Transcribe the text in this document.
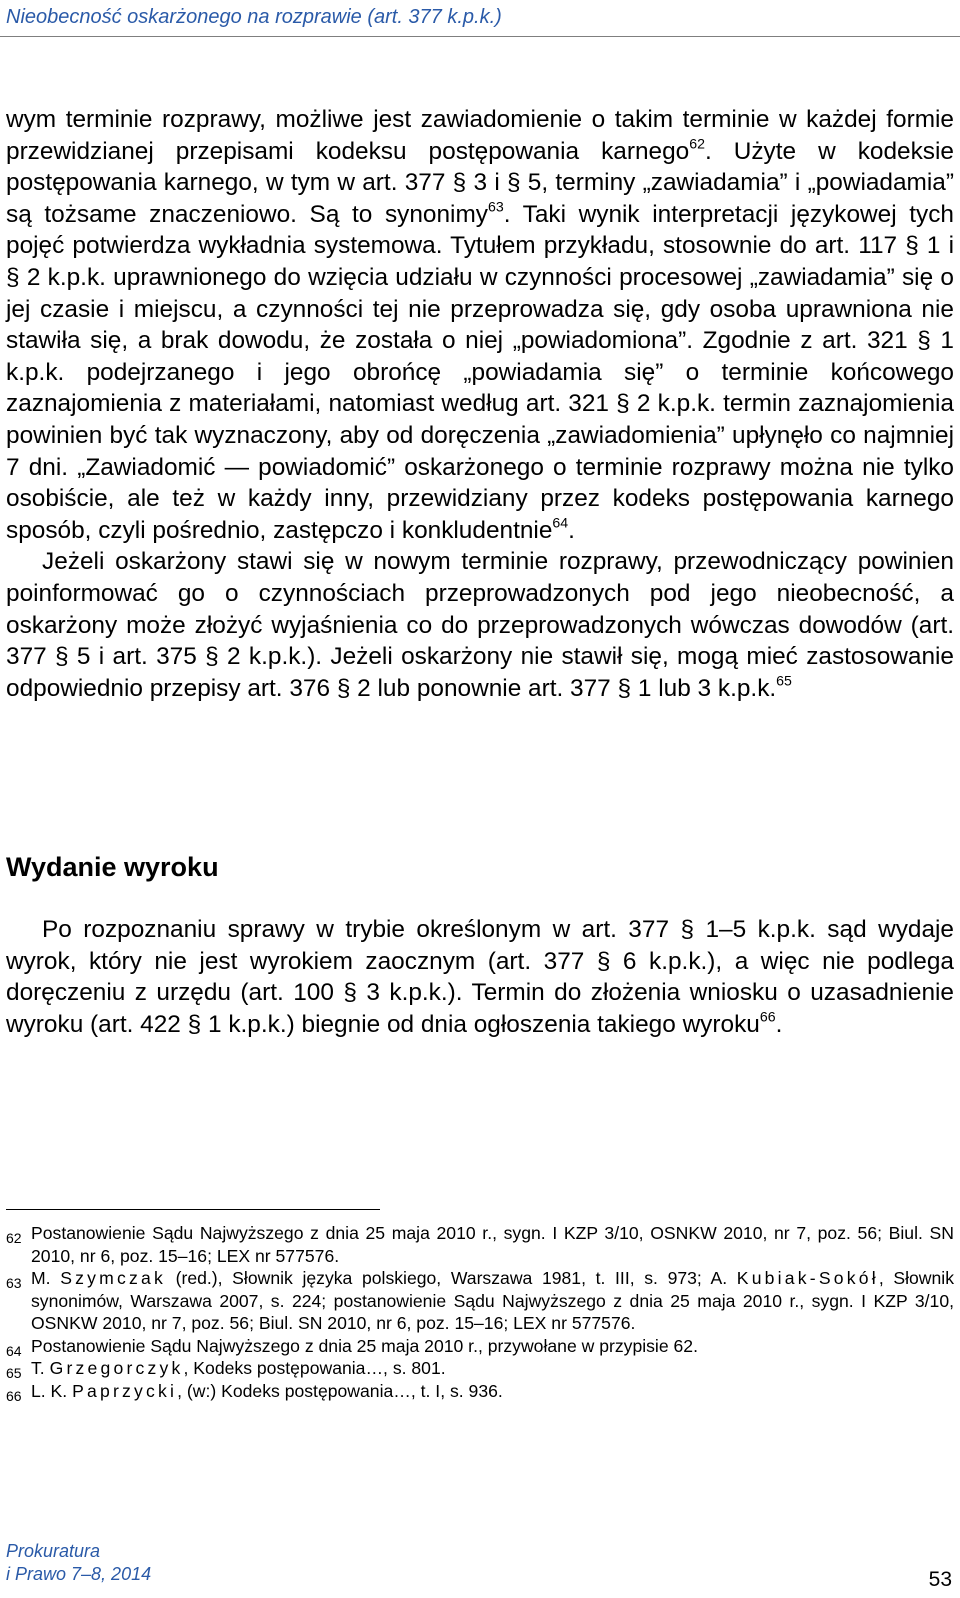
Nieobecność oskarżonego na rozprawie (art. 377 k.p.k.)

wym terminie rozprawy, możliwe jest zawiadomienie o takim terminie w każdej formie przewidzianej przepisami kodeksu postępowania karnego$^{62}$. Użyte w kodeksie postępowania karnego, w tym w art. 377 § 3 i § 5, terminy „zawiadamia” i „powiadamia” są tożsame znaczeniowo. Są to synonimy$^{63}$. Taki wynik interpretacji językowej tych pojęć potwierdza wykładnia systemowa. Tytułem przykładu, stosownie do art. 117 § 1 i § 2 k.p.k. uprawnionego do wzięcia udziału w czynności procesowej „zawiadamia” się o jej czasie i miejscu, a czynności tej nie przeprowadza się, gdy osoba uprawniona nie stawiła się, a brak dowodu, że została o niej „powiadomiona”. Zgodnie z art. 321 § 1 k.p.k. podejrzanego i jego obrońcę „powiadamia się” o terminie końcowego zaznajomienia z materiałami, natomiast według art. 321 § 2 k.p.k. termin zaznajomienia powinien być tak wyznaczony, aby od doręczenia „zawiadomienia” upłynęło co najmniej 7 dni. „Zawiadomić — powiadomić” oskarżonego o terminie rozprawy można nie tylko osobiście, ale też w każdy inny, przewidziany przez kodeks postępowania karnego sposób, czyli pośrednio, zastępczo i konkludentnie$^{64}$.

Jeżeli oskarżony stawi się w nowym terminie rozprawy, przewodniczący powinien poinformować go o czynnościach przeprowadzonych pod jego nieobecność, a oskarżony może złożyć wyjaśnienia co do przeprowadzonych wówczas dowodów (art. 377 § 5 i art. 375 § 2 k.p.k.). Jeżeli oskarżony nie stawił się, mogą mieć zastosowanie odpowiednio przepisy art. 376 § 2 lub ponownie art. 377 § 1 lub 3 k.p.k.$^{65}$

Wydanie wyroku

Po rozpoznaniu sprawy w trybie określonym w art. 377 § 1–5 k.p.k. sąd wydaje wyrok, który nie jest wyrokiem zaocznym (art. 377 § 6 k.p.k.), a więc nie podlega doręczeniu z urzędu (art. 100 § 3 k.p.k.). Termin do złożenia wniosku o uzasadnienie wyroku (art. 422 § 1 k.p.k.) biegnie od dnia ogłoszenia takiego wyroku$^{66}$.

62 Postanowienie Sądu Najwyższego z dnia 25 maja 2010 r., sygn. I KZP 3/10, OSNKW 2010, nr 7, poz. 56; Biul. SN 2010, nr 6, poz. 15–16; LEX nr 577576.
63 M. Szymczak (red.), Słownik języka polskiego, Warszawa 1981, t. III, s. 973; A. Kubiak-Sokół, Słownik synonimów, Warszawa 2007, s. 224; postanowienie Sądu Najwyższego z dnia 25 maja 2010 r., sygn. I KZP 3/10, OSNKW 2010, nr 7, poz. 56; Biul. SN 2010, nr 6, poz. 15–16; LEX nr 577576.
64 Postanowienie Sądu Najwyższego z dnia 25 maja 2010 r., przywołane w przypisie 62.
65 T. Grzegorczyk, Kodeks postępowania…, s. 801.
66 L. K. Paprzycki, (w:) Kodeks postępowania…, t. I, s. 936.
Prokuratura
i Prawo 7–8, 2014	53
